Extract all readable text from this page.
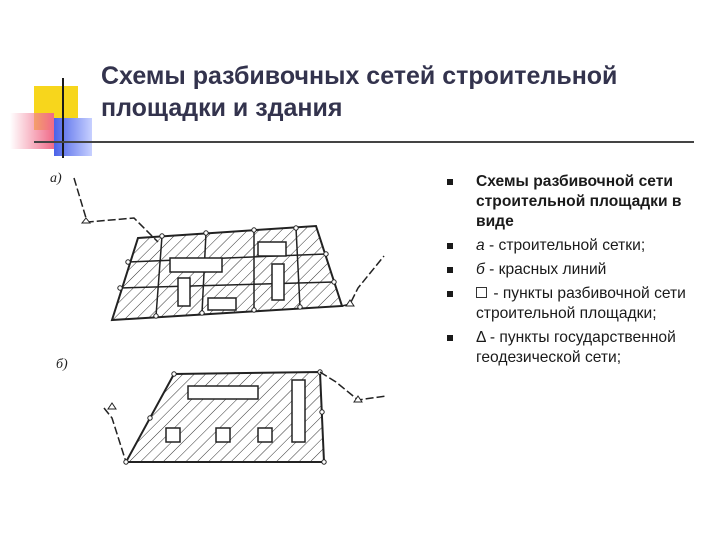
Схемы разбивочных сетей строительной площадки и здания
а)
б)
Схемы разбивочной сети строительной площадки в виде
а - строительной сетки;
б - красных линий
- пункты разбивочной сети строительной площадки;
Δ - пункты государственной геодезической сети;
